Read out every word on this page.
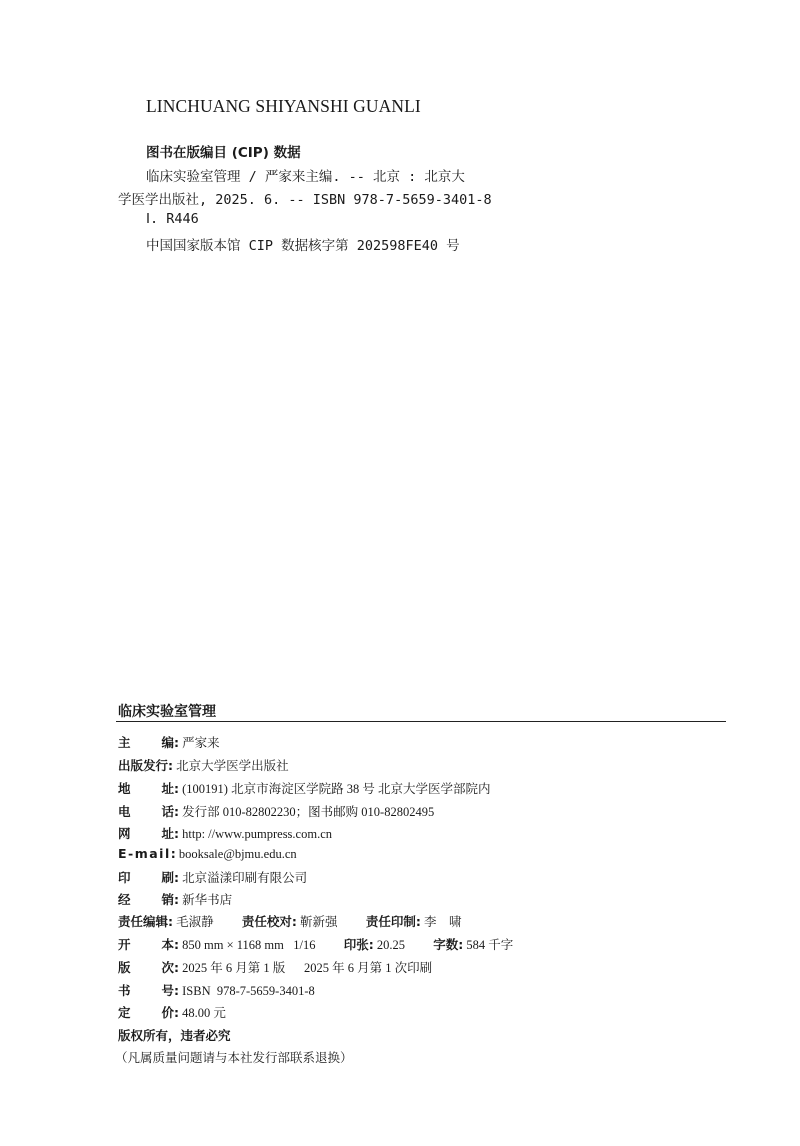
LINCHUANG SHIYANSHI GUANLI
图书在版编目 (CIP) 数据
临床实验室管理 / 严家来主编. -- 北京 : 北京大
学医学出版社, 2025. 6. -- ISBN 978-7-5659-3401-8
Ⅰ. R446
中国国家版本馆 CIP 数据核字第 202598FE40 号
临床实验室管理
主 编 : 严家来
出版发行: 北京大学医学出版社
地 址 : (100191) 北京市海淀区学院路 38 号 北京大学医学部院内
电 话 : 发行部 010-82802230；图书邮购 010-82802495
网 址 : http: //www.pumpress.com.cn
E-mail: booksale@bjmu.edu.cn
印 刷 : 北京溢漾印刷有限公司
经 销 : 新华书店
责任编辑: 毛淑静 责任校对: 靳新强 责任印制: 李    啸
开 本 : 850 mm × 1168 mm   1/16 印张: 20.25 字数: 584 千字
版 次 : 2025 年 6 月第 1 版      2025 年 6 月第 1 次印刷
书 号 : ISBN  978-7-5659-3401-8
定 价 : 48.00 元
版权所有，违者必究
（凡属质量问题请与本社发行部联系退换）
